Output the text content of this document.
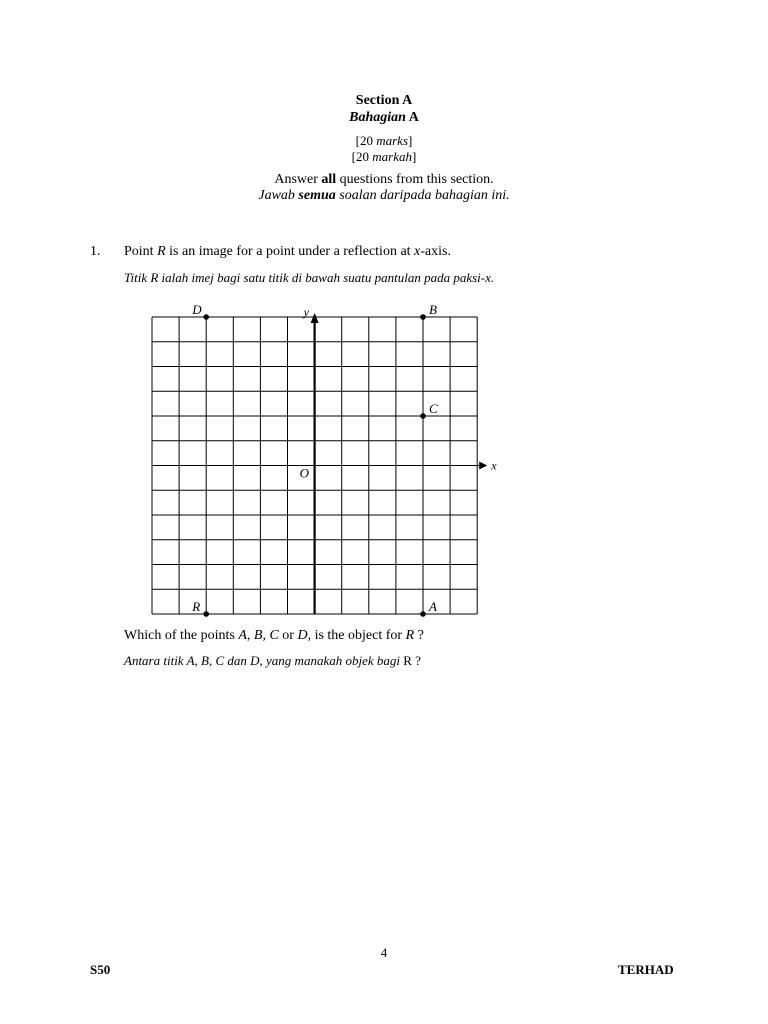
Section A
Bahagian A
[20 marks]
[20 markah]
Answer all questions from this section.
Jawab semua soalan daripada bahagian ini.
1. Point R is an image for a point under a reflection at x-axis.
Titik R ialah imej bagi satu titik di bawah suatu pantulan pada paksi-x.
y
x
O
D	B
C
R	A
Which of the points A, B, C or D, is the object for R ?
Antara titik A, B, C dan D, yang manakah objek bagi R ?
4
S50	TERHAD
